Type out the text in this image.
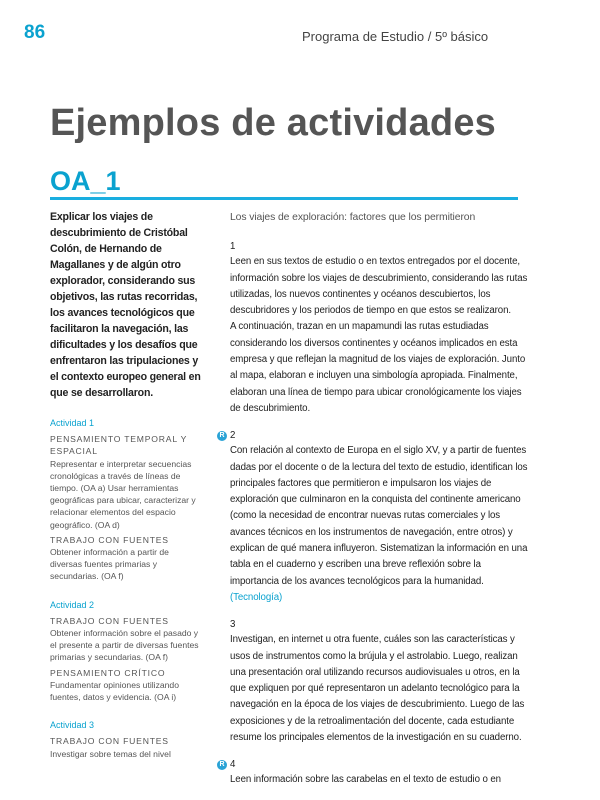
86	Programa de Estudio / 5º básico
Ejemplos de actividades
OA_1

Explicar los viajes de descubrimiento de Cristóbal Colón, de Hernando de Magallanes y de algún otro explorador, considerando sus objetivos, las rutas recorridas, los avances tecnológicos que facilitaron la navegación, las dificultades y los desafíos que enfrentaron las tripulaciones y el contexto europeo general en que se desarrollaron.

Actividad 1
PENSAMIENTO TEMPORAL Y ESPACIAL
Representar e interpretar secuencias cronológicas a través de líneas de tiempo. (OA a) Usar herramientas geográficas para ubicar, caracterizar y relacionar elementos del espacio geográfico. (OA d)
TRABAJO CON FUENTES
Obtener información a partir de diversas fuentes primarias y secundarias. (OA f)
Actividad 2
TRABAJO CON FUENTES
Obtener información sobre el pasado y el presente a partir de diversas fuentes primarias y secundarias. (OA f)
PENSAMIENTO CRÍTICO
Fundamentar opiniones utilizando fuentes, datos y evidencia. (OA i)
Actividad 3
TRABAJO CON FUENTES
Investigar sobre temas del nivel
Los viajes de exploración: factores que los permitieron
1

Leen en sus textos de estudio o en textos entregados por el docente, información sobre los viajes de descubrimiento, considerando las rutas utilizadas, los nuevos continentes y océanos descubiertos, los descubridores y los periodos de tiempo en que estos se realizaron.

A continuación, trazan en un mapamundi las rutas estudiadas considerando los diversos continentes y océanos implicados en esta empresa y que reflejan la magnitud de los viajes de exploración. Junto al mapa, elaboran e incluyen una simbología apropiada. Finalmente, elaboran una línea de tiempo para ubicar cronológicamente los viajes de descubrimiento.

R 2

Con relación al contexto de Europa en el siglo XV, y a partir de fuentes dadas por el docente o de la lectura del texto de estudio, identifican los principales factores que permitieron e impulsaron los viajes de exploración que culminaron en la conquista del continente americano (como la necesidad de encontrar nuevas rutas comerciales y los avances técnicos en los instrumentos de navegación, entre otros) y explican de qué manera influyeron. Sistematizan la información en una tabla en el cuaderno y escriben una breve reflexión sobre la importancia de los avances tecnológicos para la humanidad. (Tecnología)

3

Investigan, en internet u otra fuente, cuáles son las características y usos de instrumentos como la brújula y el astrolabio. Luego, realizan una presentación oral utilizando recursos audiovisuales u otros, en la que expliquen por qué representaron un adelanto tecnológico para la navegación en la época de los viajes de descubrimiento. Luego de las exposiciones y de la retroalimentación del docente, cada estudiante resume los principales elementos de la investigación en su cuaderno.

R 4

Leen información sobre las carabelas en el texto de estudio o en
